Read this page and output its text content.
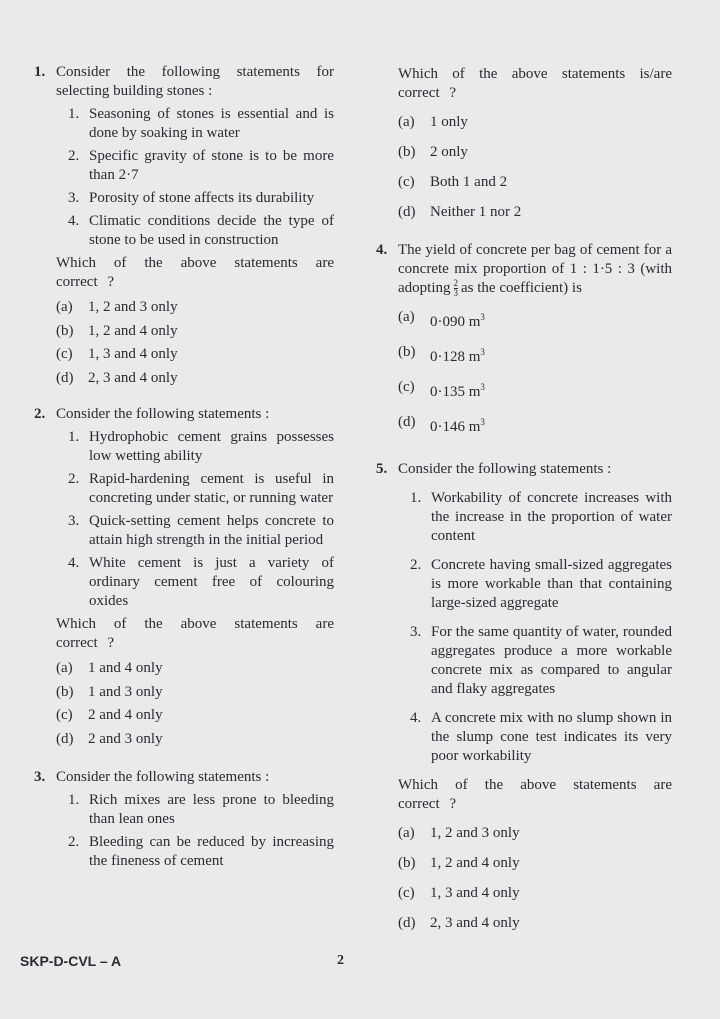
1. Consider the following statements for selecting building stones :
1. Seasoning of stones is essential and is done by soaking in water
2. Specific gravity of stone is to be more than 2·7
3. Porosity of stone affects its durability
4. Climatic conditions decide the type of stone to be used in construction
Which of the above statements are correct ?
(a)	1, 2 and 3 only
(b) 1, 2 and 4 only
(c)	1, 3 and 4 only
(d) 2, 3 and 4 only
2. Consider the following statements :
1. Hydrophobic cement grains possesses low wetting ability
2. Rapid-hardening cement is useful in concreting under static, or running water
3. Quick-setting cement helps concrete to attain high strength in the initial period
4. White cement is just a variety of ordinary cement free of colouring oxides
Which of the above statements are correct ?
(a)	1 and 4 only
(b) 1 and 3 only
(c)	2 and 4 only
(d) 2 and 3 only
3. Consider the following statements :
1. Rich mixes are less prone to bleeding than lean ones
2. Bleeding can be reduced by increasing the fineness of cement
Which of the above statements is/are correct ?
(a)	1 only
(b) 2 only
(c)	Both 1 and 2
(d) Neither 1 nor 2
4. The yield of concrete per bag of cement for a concrete mix proportion of 1 : 1·5 : 3 (with adopting $\frac{2}{3}$ as the coefficient) is
(a)	0·090 $m^3$
(b) 0·128 $m^3$
(c)	0·135 $m^3$
(d) 0·146 $m^3$
5. Consider the following statements :
1. Workability of concrete increases with the increase in the proportion of water content
2. Concrete having small-sized aggregates is more workable than that containing large-sized aggregate
3. For the same quantity of water, rounded aggregates produce a more workable concrete mix as compared to angular and flaky aggregates
4. A concrete mix with no slump shown in the slump cone test indicates its very poor workability
Which of the above statements are correct ?
(a)	1, 2 and 3 only
(b) 1, 2 and 4 only
(c)	1, 3 and 4 only
(d) 2, 3 and 4 only
SKP-D-CVL – A	2
